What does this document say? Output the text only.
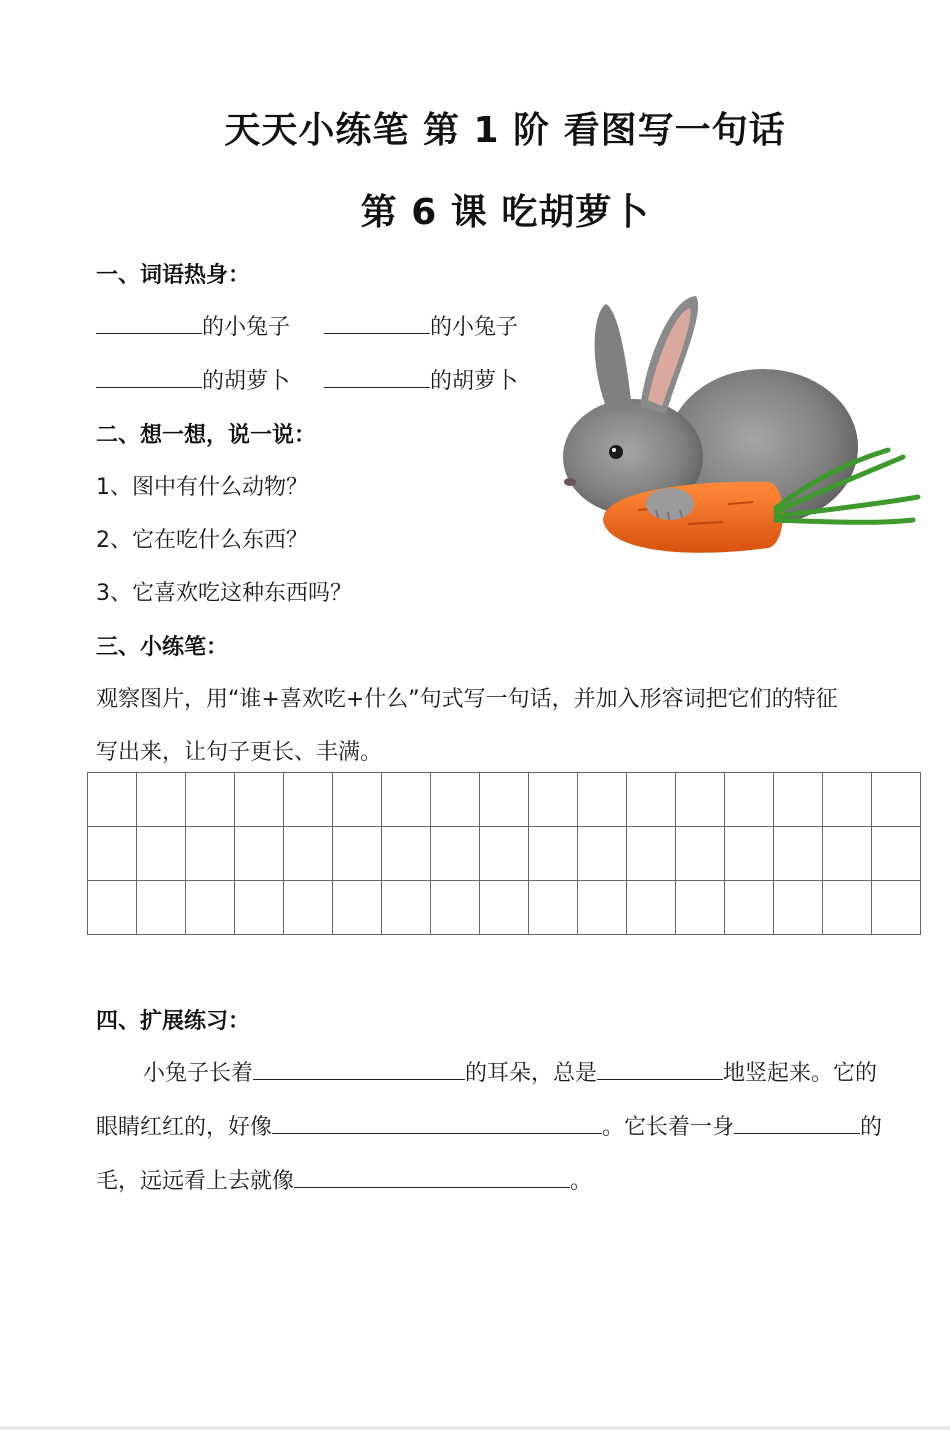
天天小练笔 第 1 阶 看图写一句话
第 6 课 吃胡萝卜
一、词语热身：
的小兔子	的小兔子
的胡萝卜	的胡萝卜
二、想一想，说一说：
1、图中有什么动物？
2、它在吃什么东西？
3、它喜欢吃这种东西吗？
三、小练笔：
观察图片，用“谁+喜欢吃+什么”句式写一句话，并加入形容词把它们的特征
写出来，让句子更长、丰满。

四、扩展练习：
小兔子长着	的耳朵，总是	地竖起来。它的
眼睛红红的，好像	。它长着一身	的
毛，远远看上去就像	。
